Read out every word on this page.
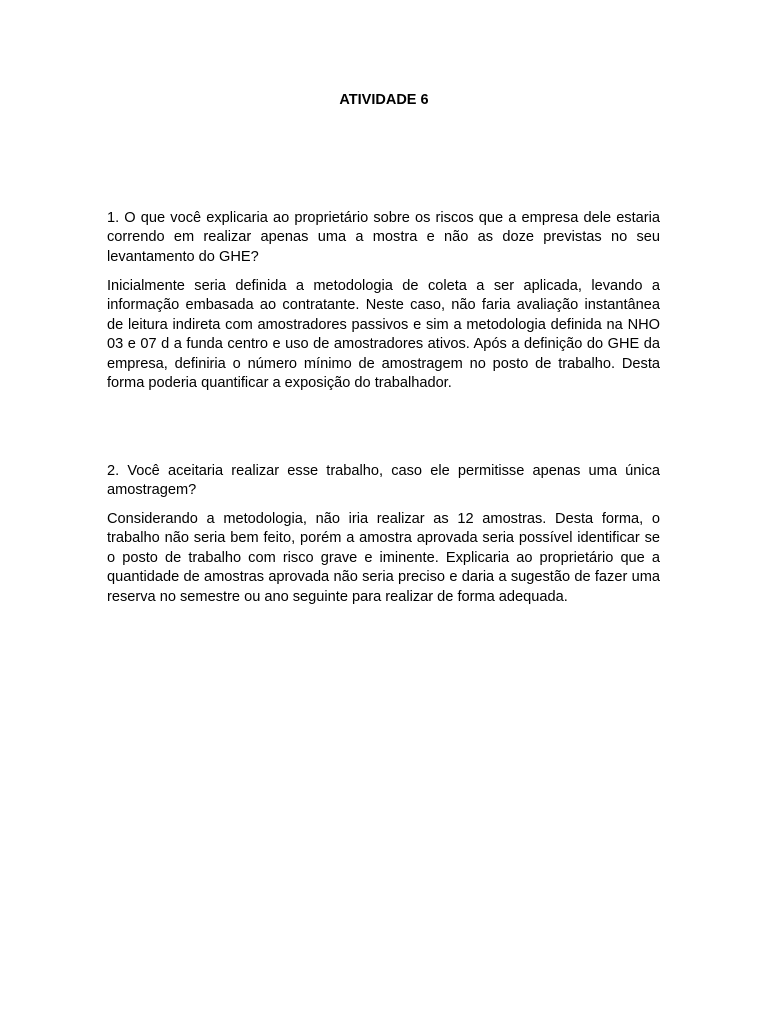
ATIVIDADE 6

1. O que você explicaria ao proprietário sobre os riscos que a empresa dele estaria correndo em realizar apenas uma a mostra e não as doze previstas no seu levantamento do GHE?

Inicialmente seria definida a metodologia de coleta a ser aplicada, levando a informação embasada ao contratante. Neste caso, não faria avaliação instantânea de leitura indireta com amostradores passivos e sim a metodologia definida na NHO 03 e 07 d a funda centro e uso de amostradores ativos. Após a definição do GHE da empresa, definiria o número mínimo de amostragem no posto de trabalho. Desta forma poderia quantificar a exposição do trabalhador.

2. Você aceitaria realizar esse trabalho, caso ele permitisse apenas uma única amostragem?

Considerando a metodologia, não iria realizar as 12 amostras. Desta forma, o trabalho não seria bem feito, porém a amostra aprovada seria possível identificar se o posto de trabalho com risco grave e iminente. Explicaria ao proprietário que a quantidade de amostras aprovada não seria preciso e daria a sugestão de fazer uma reserva no semestre ou ano seguinte para realizar de forma adequada.
